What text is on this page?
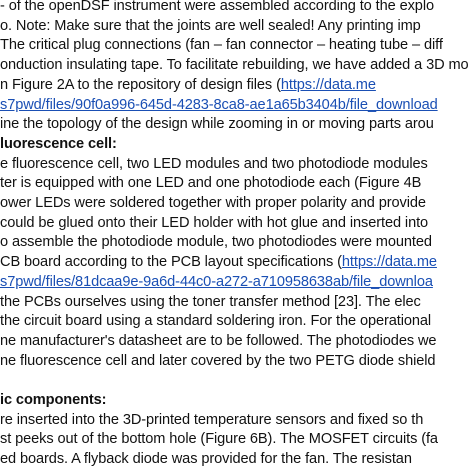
- of the openDSF instrument were assembled according to the explo
o. Note: Make sure that the joints are well sealed! Any printing imp
The critical plug connections (fan – fan connector – heating tube – diff
onduction insulating tape. To facilitate rebuilding, we have added a 3D mo
n Figure 2A to the repository of design files (https://data.me
s7pwd/files/90f0a996-645d-4283-8ca8-ae1a65b3404b/file_download
ine the topology of the design while zooming in or moving parts arou
luorescence cell:
e fluorescence cell, two LED modules and two photodiode modules
ter is equipped with one LED and one photodiode each (Figure 4B
ower LEDs were soldered together with proper polarity and provide
could be glued onto their LED holder with hot glue and inserted into
o assemble the photodiode module, two photodiodes were mounted
CB board according to the PCB layout specifications (https://data.me
s7pwd/files/81dcaa9e-9a6d-44c0-a272-a710958638ab/file_downloa
the PCBs ourselves using the toner transfer method [23]. The elec
the circuit board using a standard soldering iron. For the operational
ne manufacturer's datasheet are to be followed. The photodiodes we
ne fluorescence cell and later covered by the two PETG diode shield
ic components:
re inserted into the 3D-printed temperature sensors and fixed so th
st peeks out of the bottom hole (Figure 6B). The MOSFET circuits (fa
ed boards. A flyback diode was provided for the fan. The resistan
